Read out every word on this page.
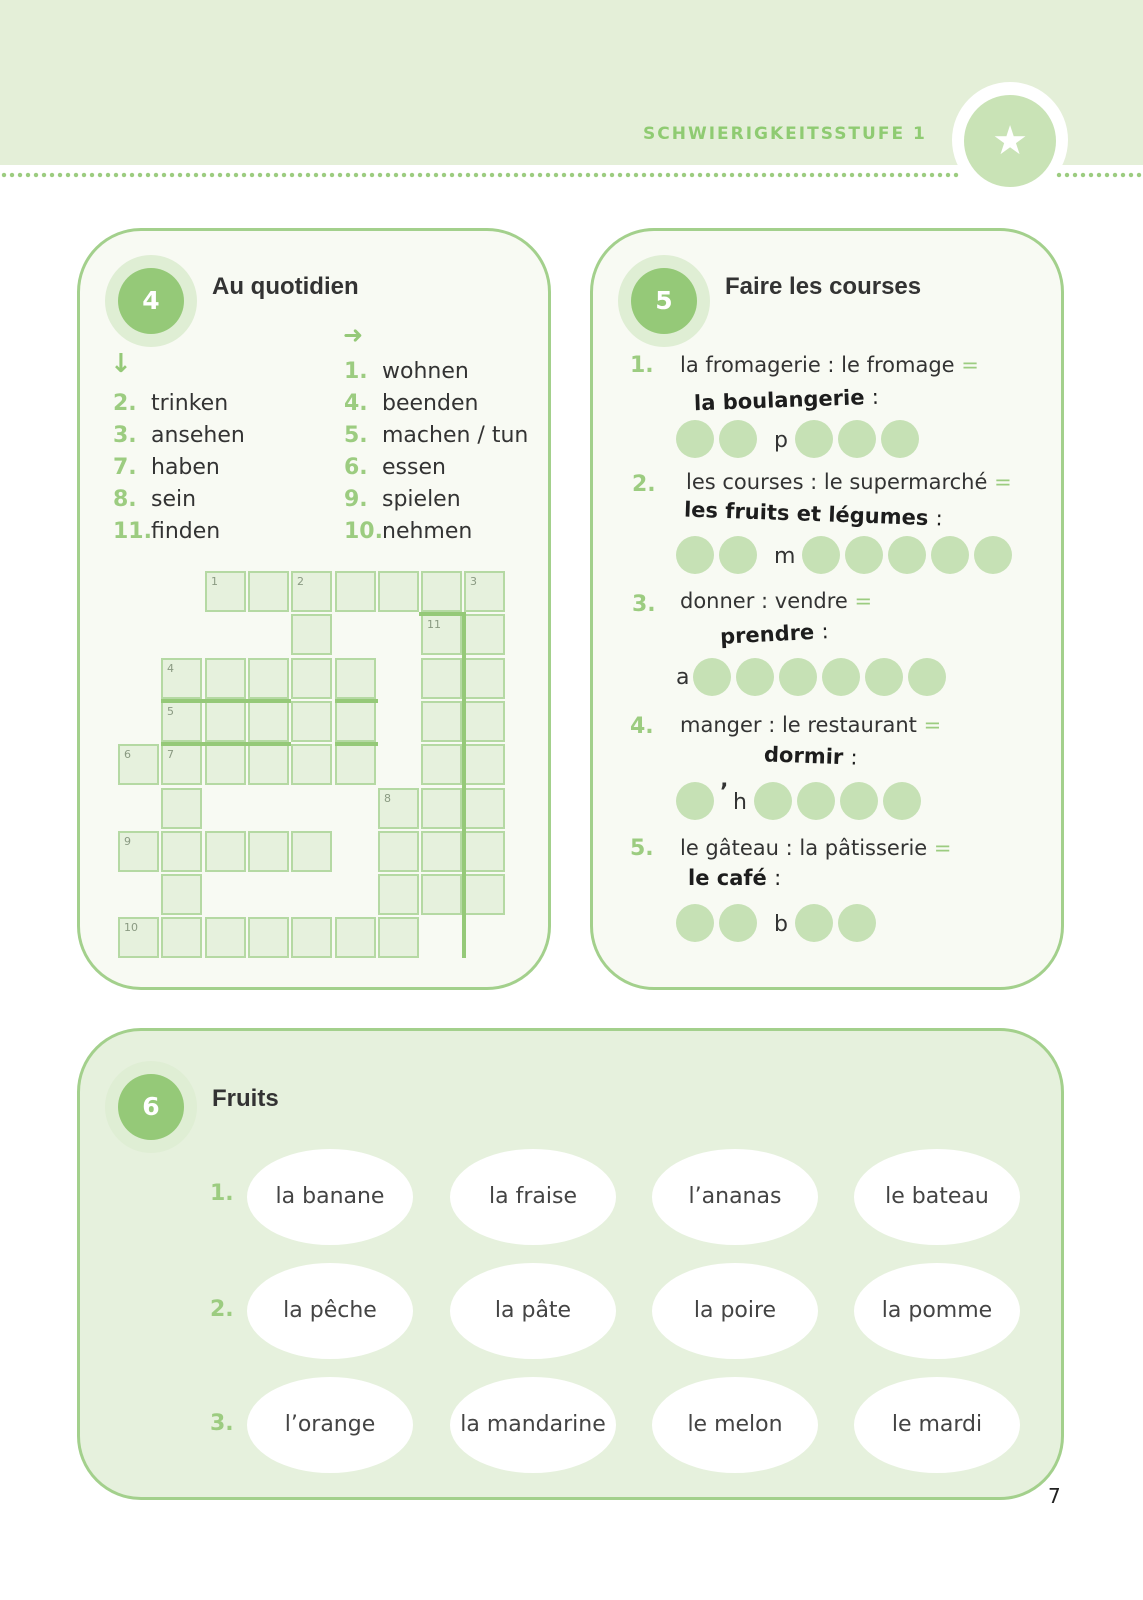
SCHWIERIGKEITSSTUFE 1	★
4	Au quotidien
↓
➜
2. trinken
3. ansehen
7. haben
8. sein
11.finden
1. wohnen
4. beenden
5. machen / tun
6. essen
9. spielen
10.nehmen
1	2	3
11
4
5
6	7
8
9
10
5	Faire les courses
1. la fromagerie : le fromage =
la boulangerie :
p
2. les courses : le supermarché =
les fruits et légumes :
m
3. donner : vendre =
prendre :
a
4. manger : le restaurant =
dormir :
’ h
5. le gâteau : la pâtisserie =
le café :
b
6	Fruits
1.	la banane	la fraise	l’ananas	le bateau
2.	la pêche	la pâte	la poire	la pomme
3.	l’orange	la mandarine	le melon	le mardi
7
